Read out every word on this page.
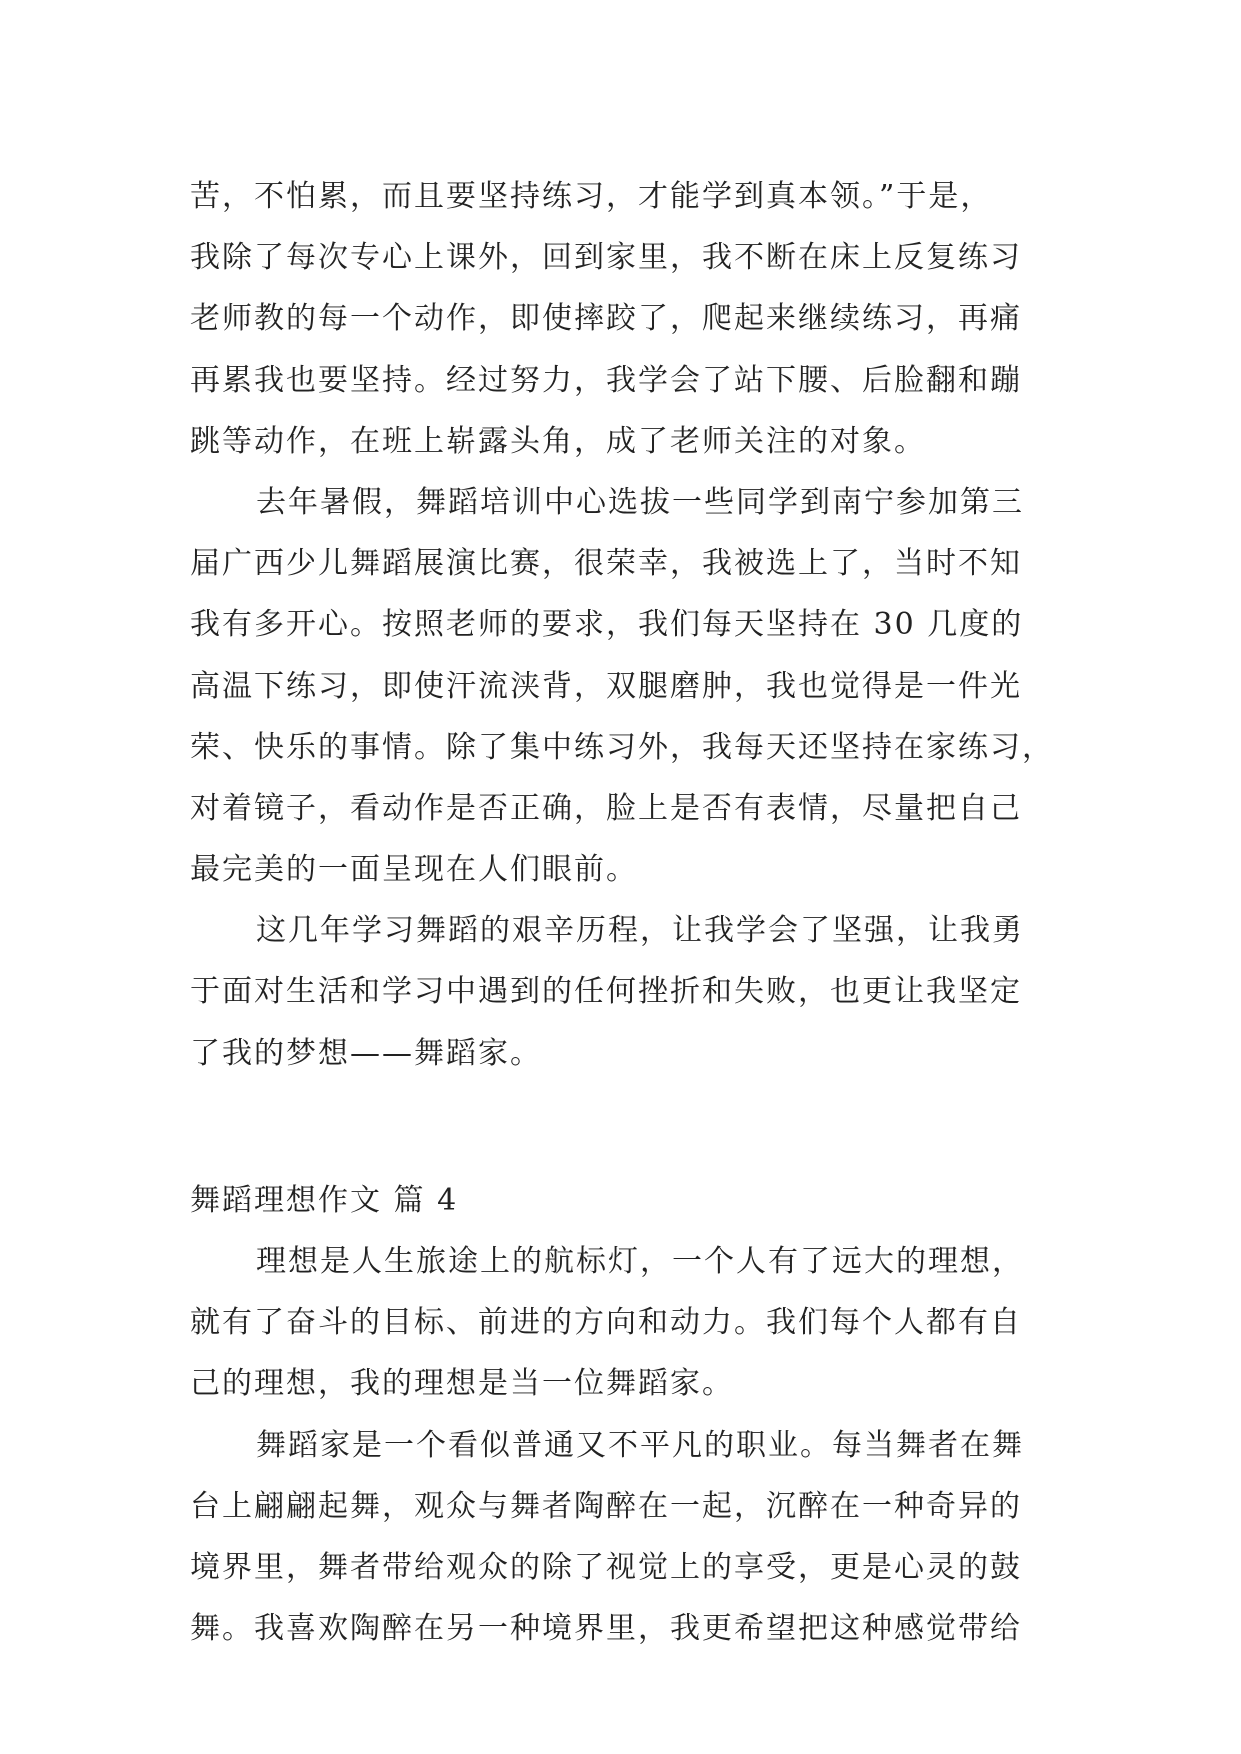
苦，不怕累，而且要坚持练习，才能学到真本领。”于是，
我除了每次专心上课外，回到家里，我不断在床上反复练习
老师教的每一个动作，即使摔跤了，爬起来继续练习，再痛
再累我也要坚持。经过努力，我学会了站下腰、后脸翻和蹦
跳等动作，在班上崭露头角，成了老师关注的对象。
去年暑假，舞蹈培训中心选拔一些同学到南宁参加第三
届广西少儿舞蹈展演比赛，很荣幸，我被选上了，当时不知
我有多开心。按照老师的要求，我们每天坚持在 30 几度的
高温下练习，即使汗流浃背，双腿磨肿，我也觉得是一件光
荣、快乐的事情。除了集中练习外，我每天还坚持在家练习，
对着镜子，看动作是否正确，脸上是否有表情，尽量把自己
最完美的一面呈现在人们眼前。
这几年学习舞蹈的艰辛历程，让我学会了坚强，让我勇
于面对生活和学习中遇到的任何挫折和失败，也更让我坚定
了我的梦想——舞蹈家。
舞蹈理想作文 篇 4
理想是人生旅途上的航标灯，一个人有了远大的理想，
就有了奋斗的目标、前进的方向和动力。我们每个人都有自
己的理想，我的理想是当一位舞蹈家。
舞蹈家是一个看似普通又不平凡的职业。每当舞者在舞
台上翩翩起舞，观众与舞者陶醉在一起，沉醉在一种奇异的
境界里，舞者带给观众的除了视觉上的享受，更是心灵的鼓
舞。我喜欢陶醉在另一种境界里，我更希望把这种感觉带给
